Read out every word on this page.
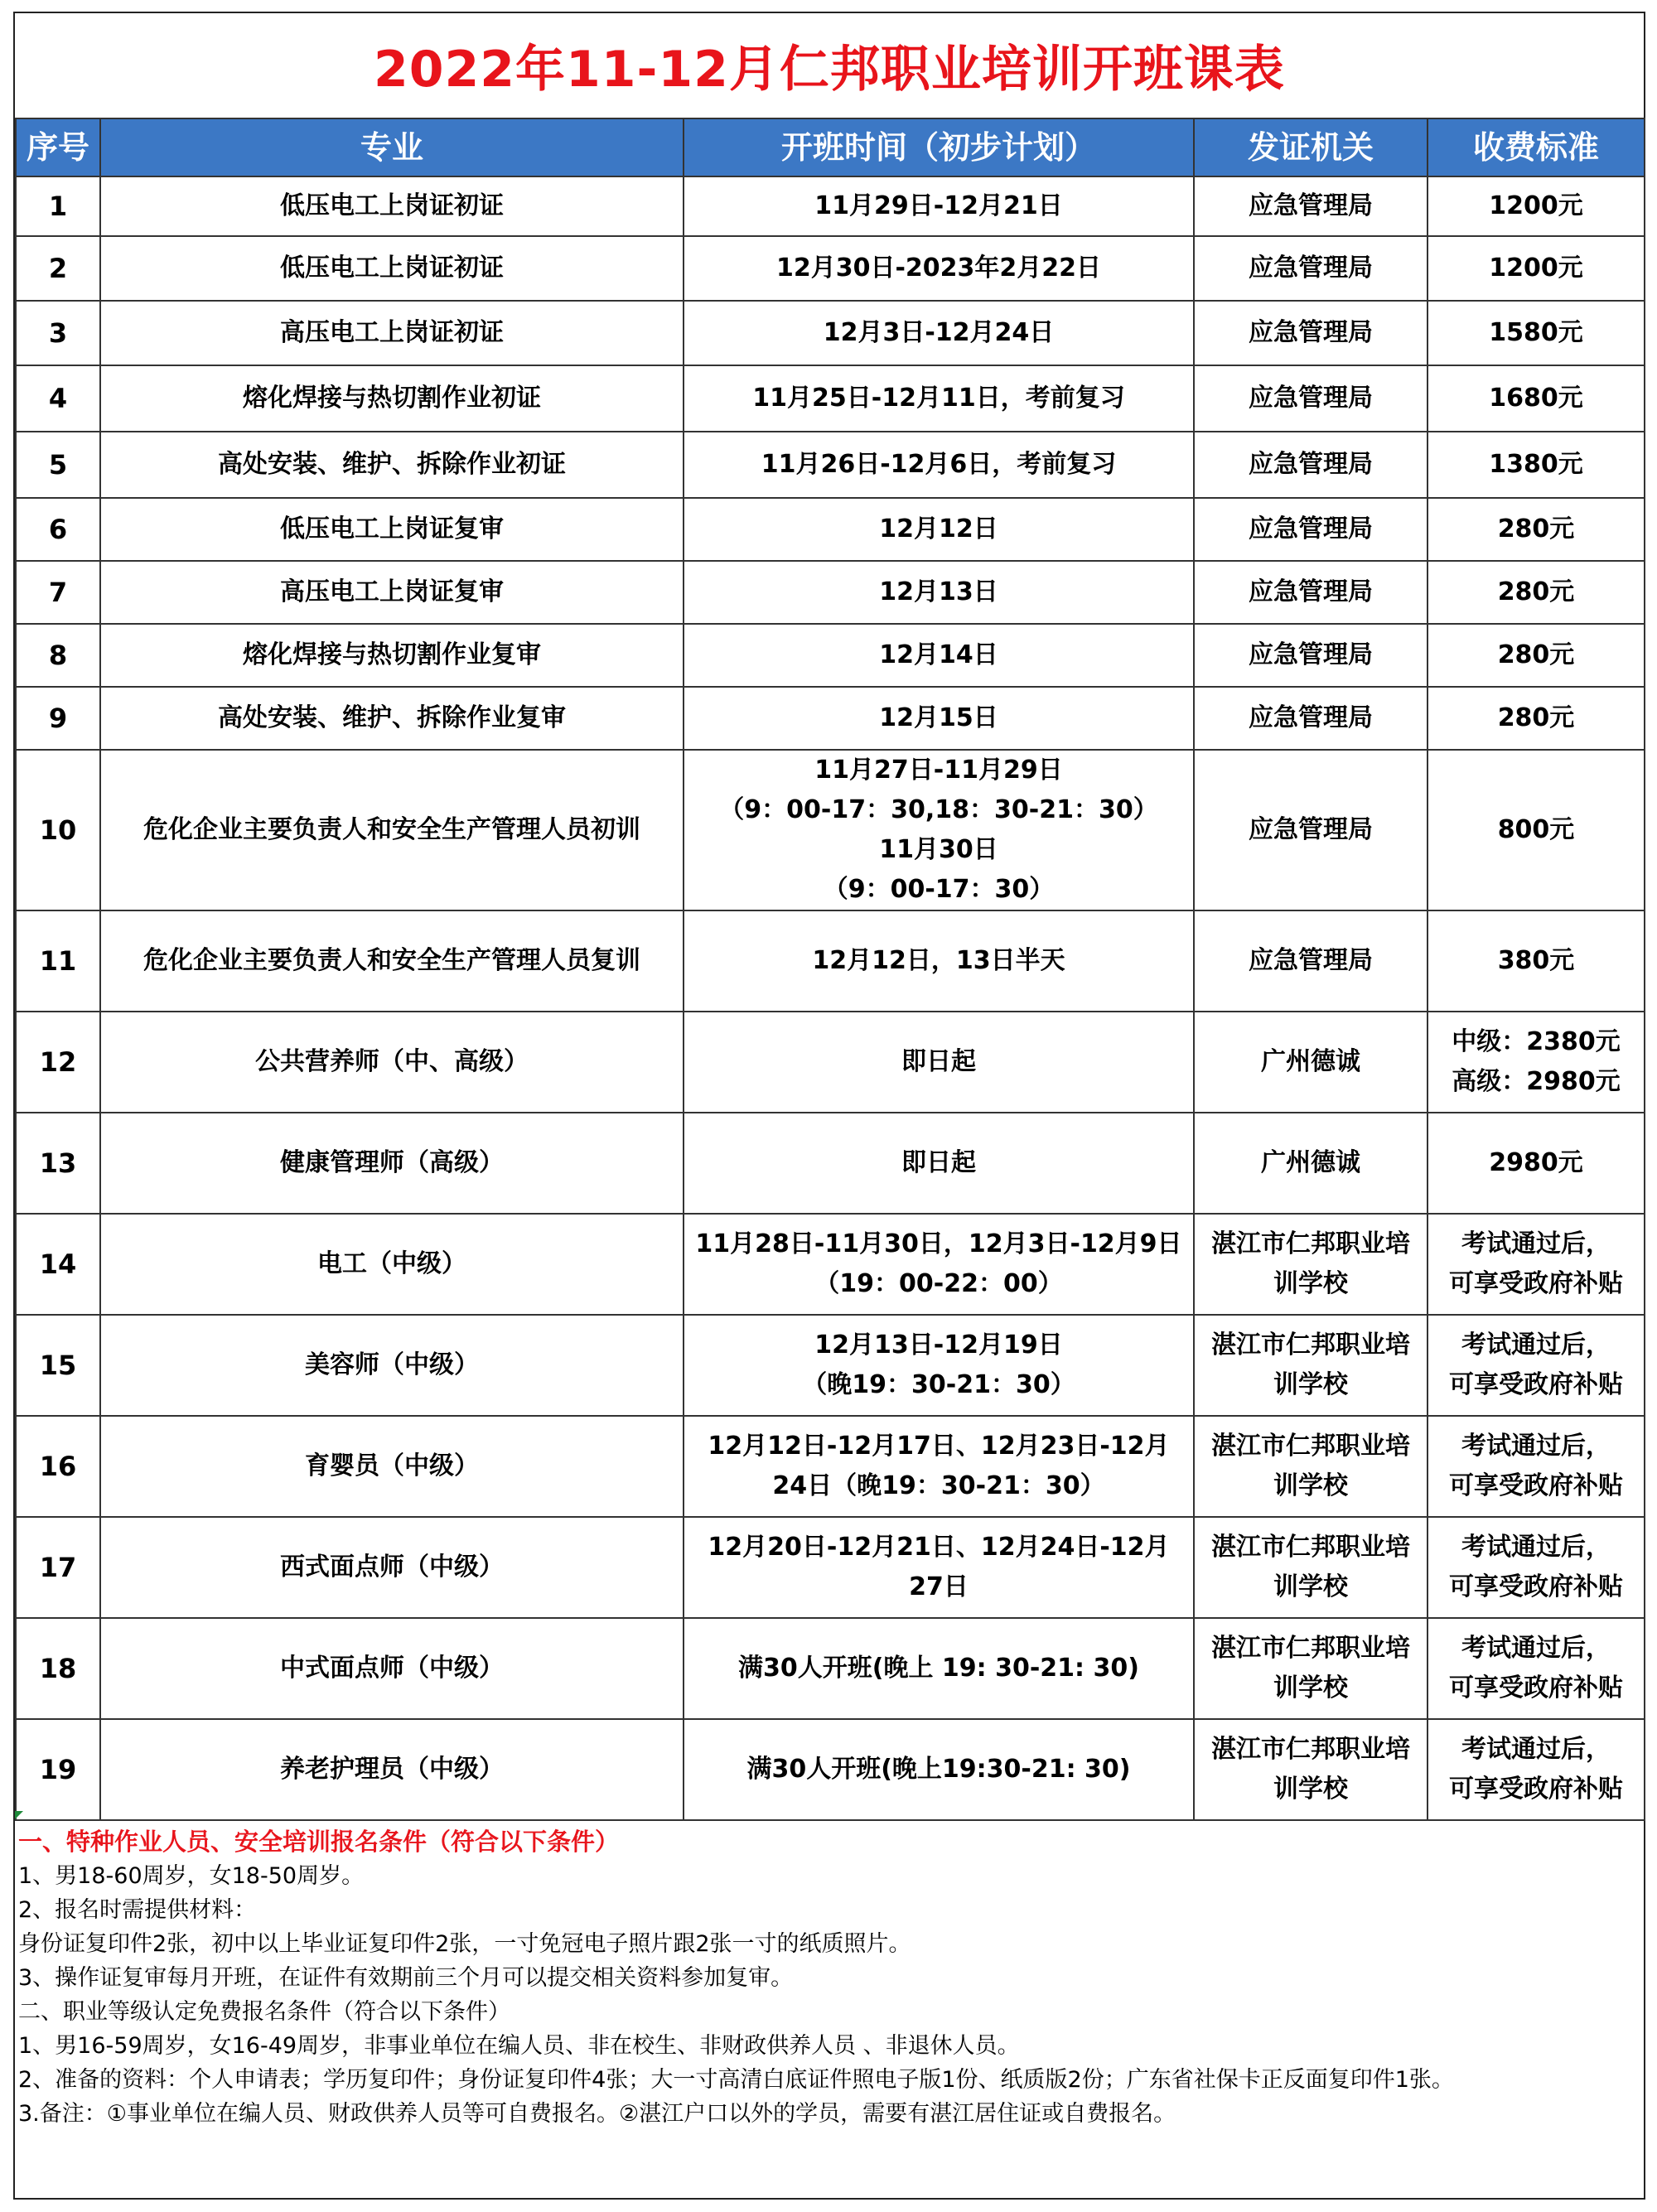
2022年11-12月仁邦职业培训开班课表
序号	专业	开班时间（初步计划）	发证机关	收费标准
1	低压电工上岗证初证	11月29日-12月21日	应急管理局	1200元
2	低压电工上岗证初证	12月30日-2023年2月22日	应急管理局	1200元
3	高压电工上岗证初证	12月3日-12月24日	应急管理局	1580元
4	熔化焊接与热切割作业初证	11月25日-12月11日，考前复习	应急管理局	1680元
5	高处安装、维护、拆除作业初证	11月26日-12月6日，考前复习	应急管理局	1380元
6	低压电工上岗证复审	12月12日	应急管理局	280元
7	高压电工上岗证复审	12月13日	应急管理局	280元
8	熔化焊接与热切割作业复审	12月14日	应急管理局	280元
9	高处安装、维护、拆除作业复审	12月15日	应急管理局	280元
10	危化企业主要负责人和安全生产管理人员初训	11月27日-11月29日
（9：00-17：30,18：30-21：30）
11月30日
（9：00-17：30）	应急管理局	800元
11	危化企业主要负责人和安全生产管理人员复训	12月12日，13日半天	应急管理局	380元
12	公共营养师（中、高级）	即日起	广州德诚	中级：2380元
高级：2980元
13	健康管理师（高级）	即日起	广州德诚	2980元
14	电工（中级）	11月28日-11月30日，12月3日-12月9日
（19：00-22：00）	湛江市仁邦职业培
训学校	考试通过后，
可享受政府补贴
15	美容师（中级）	12月13日-12月19日
（晚19：30-21：30）	湛江市仁邦职业培
训学校	考试通过后，
可享受政府补贴
16	育婴员（中级）	12月12日-12月17日、12月23日-12月
24日（晚19：30-21：30）	湛江市仁邦职业培
训学校	考试通过后，
可享受政府补贴
17	西式面点师（中级）	12月20日-12月21日、12月24日-12月
27日	湛江市仁邦职业培
训学校	考试通过后，
可享受政府补贴
18	中式面点师（中级）	满30人开班(晚上 19: 30-21: 30)	湛江市仁邦职业培
训学校	考试通过后，
可享受政府补贴
19	养老护理员（中级）	满30人开班(晚上19:30-21: 30)	湛江市仁邦职业培
训学校	考试通过后，
可享受政府补贴
一、特种作业人员、安全培训报名条件（符合以下条件）
1、男18-60周岁，女18-50周岁。
2、报名时需提供材料：
身份证复印件2张，初中以上毕业证复印件2张，一寸免冠电子照片跟2张一寸的纸质照片。
3、操作证复审每月开班，在证件有效期前三个月可以提交相关资料参加复审。
二、职业等级认定免费报名条件（符合以下条件）
1、男16-59周岁，女16-49周岁，非事业单位在编人员、非在校生、非财政供养人员 、非退休人员。
2、准备的资料：个人申请表；学历复印件；身份证复印件4张；大一寸高清白底证件照电子版1份、纸质版2份；广东省社保卡正反面复印件1张。
3.备注：①事业单位在编人员、财政供养人员等可自费报名。②湛江户口以外的学员，需要有湛江居住证或自费报名。
